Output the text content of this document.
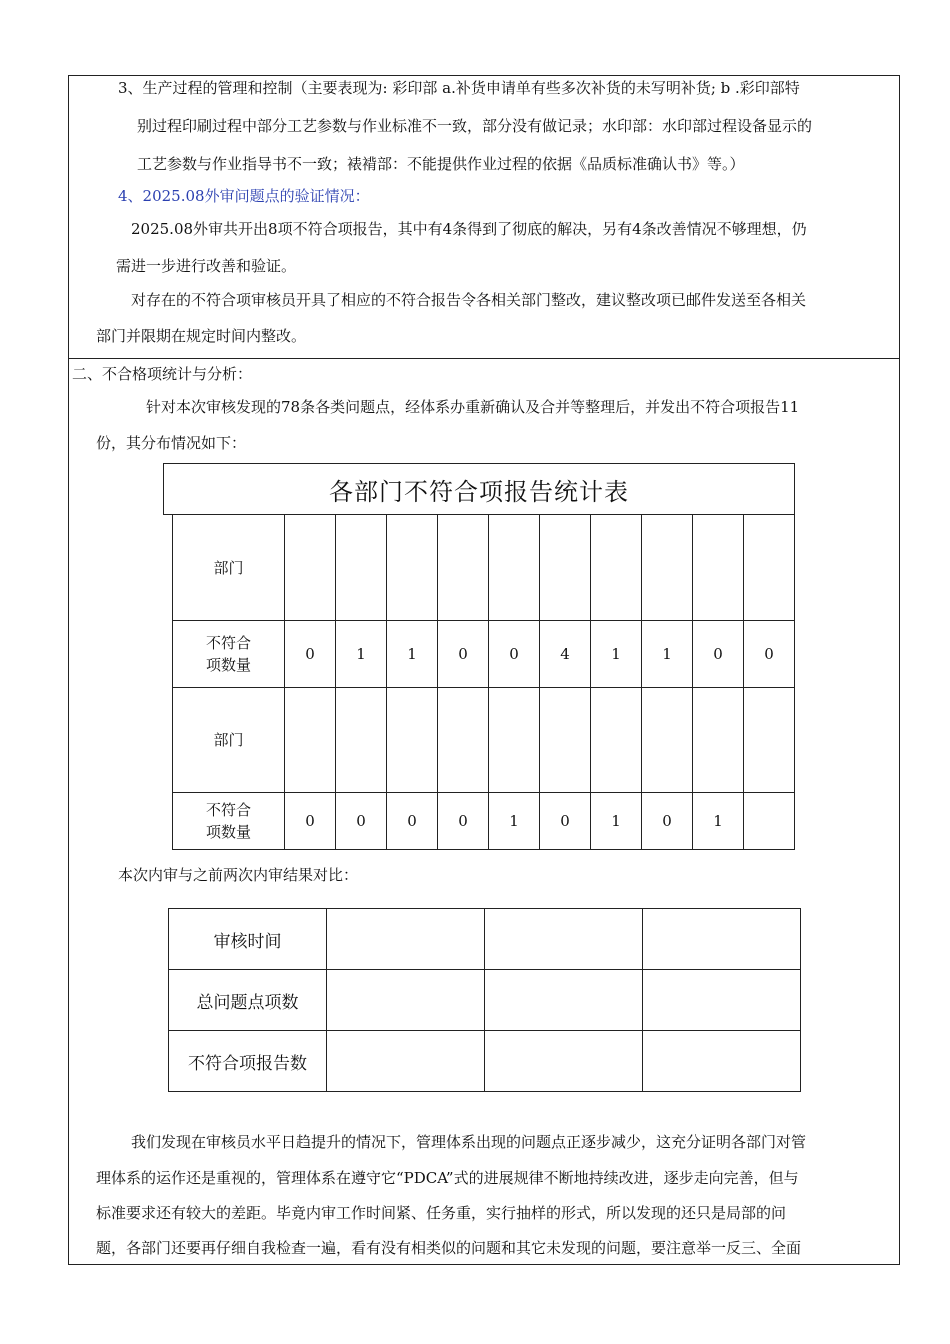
3、生产过程的管理和控制（主要表现为: 彩印部 a.补货申请单有些多次补货的未写明补货; b .彩印部特
别过程印刷过程中部分工艺参数与作业标准不一致，部分没有做记录；水印部：水印部过程设备显示的
工艺参数与作业指导书不一致；裱褙部：不能提供作业过程的依据《品质标准确认书》等。）
4、2025.08外审问题点的验证情况：
2025.08外审共开出8项不符合项报告，其中有4条得到了彻底的解决，另有4条改善情况不够理想，仍
需进一步进行改善和验证。
对存在的不符合项审核员开具了相应的不符合报告令各相关部门整改，建议整改项已邮件发送至各相关
部门并限期在规定时间内整改。
二、不合格项统计与分析：
针对本次审核发现的78条各类问题点，经体系办重新确认及合并等整理后，并发出不符合项报告11
份，其分布情况如下：
各部门不符合项报告统计表
部门										

不符合
项数量	0	1	1	0	0	4	1	1	0	0
部门										

不符合
项数量	0	0	0	0	1	0	1	0	1	
本次内审与之前两次内审结果对比：
审核时间			
总问题点项数			
不符合项报告数			
我们发现在审核员水平日趋提升的情况下，管理体系出现的问题点正逐步减少，这充分证明各部门对管
理体系的运作还是重视的，管理体系在遵守它“PDCA”式的进展规律不断地持续改进，逐步走向完善，但与
标准要求还有较大的差距。毕竟内审工作时间紧、任务重，实行抽样的形式，所以发现的还只是局部的问
题，各部门还要再仔细自我检查一遍，看有没有相类似的问题和其它未发现的问题，要注意举一反三、全面
